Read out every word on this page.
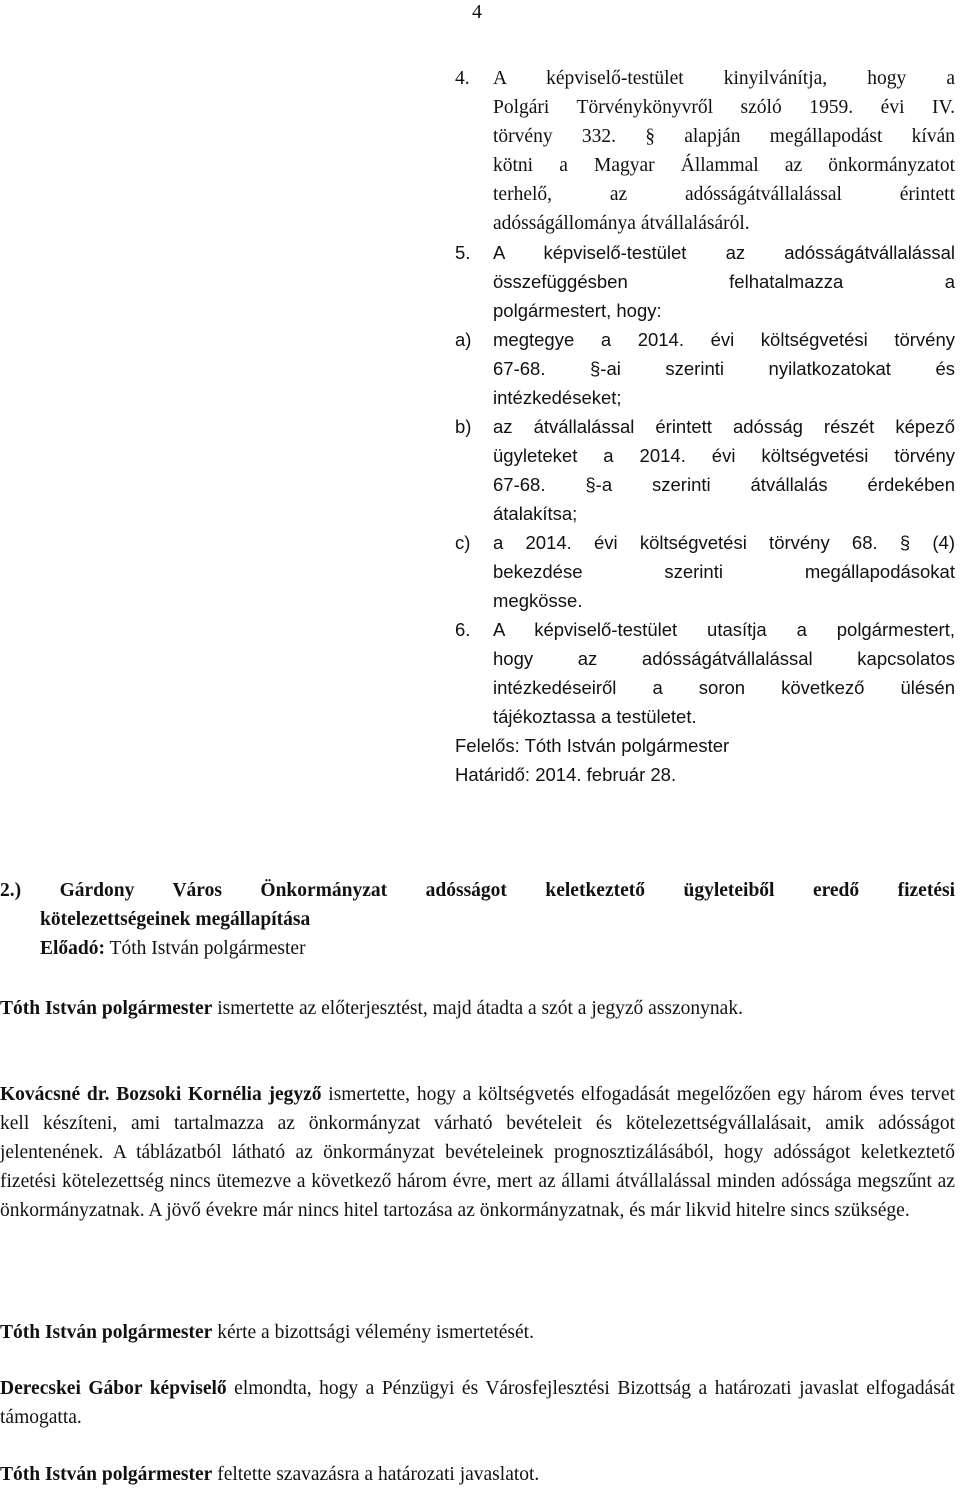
4
4. A képviselő-testület kinyilvánítja, hogy a
Polgári Törvénykönyvről szóló 1959. évi IV.
törvény 332. § alapján megállapodást kíván
kötni a Magyar Állammal az önkormányzatot
terhelő, az adósságátvállalással érintett
adósságállománya átvállalásáról.
5. A képviselő-testület az adósságátvállalással
összefüggésben felhatalmazza a
polgármestert, hogy:
a) megtegye a 2014. évi költségvetési törvény
67-68. §-ai szerinti nyilatkozatokat és
intézkedéseket;
b) az átvállalással érintett adósság részét képező
ügyleteket a 2014. évi költségvetési törvény
67-68. §-a szerinti átvállalás érdekében
átalakítsa;
c) a 2014. évi költségvetési törvény 68. § (4)
bekezdése szerinti megállapodásokat
megkösse.
6. A képviselő-testület utasítja a polgármestert,
hogy az adósságátvállalással kapcsolatos
intézkedéseiről a soron következő ülésén
tájékoztassa a testületet.
Felelős: Tóth István polgármester
Határidő: 2014. február 28.
2.) Gárdony Város Önkormányzat adósságot keletkeztető ügyleteiből eredő fizetési
kötelezettségeinek megállapítása
Előadó: Tóth István polgármester

Tóth István polgármester ismertette az előterjesztést, majd átadta a szót a jegyző asszonynak.

Kovácsné dr. Bozsoki Kornélia jegyző ismertette, hogy a költségvetés elfogadását megelőzően egy három éves tervet kell készíteni, ami tartalmazza az önkormányzat várható bevételeit és kötelezettségvállalásait, amik adósságot jelentenének. A táblázatból látható az önkormányzat bevételeinek prognosztizálásából, hogy adósságot keletkeztető fizetési kötelezettség nincs ütemezve a következő három évre, mert az állami átvállalással minden adóssága megszűnt az önkormányzatnak. A jövő évekre már nincs hitel tartozása az önkormányzatnak, és már likvid hitelre sincs szüksége.

Tóth István polgármester kérte a bizottsági vélemény ismertetését.

Derecskei Gábor képviselő elmondta, hogy a Pénzügyi és Városfejlesztési Bizottság a határozati javaslat elfogadását támogatta.

Tóth István polgármester feltette szavazásra a határozati javaslatot.
